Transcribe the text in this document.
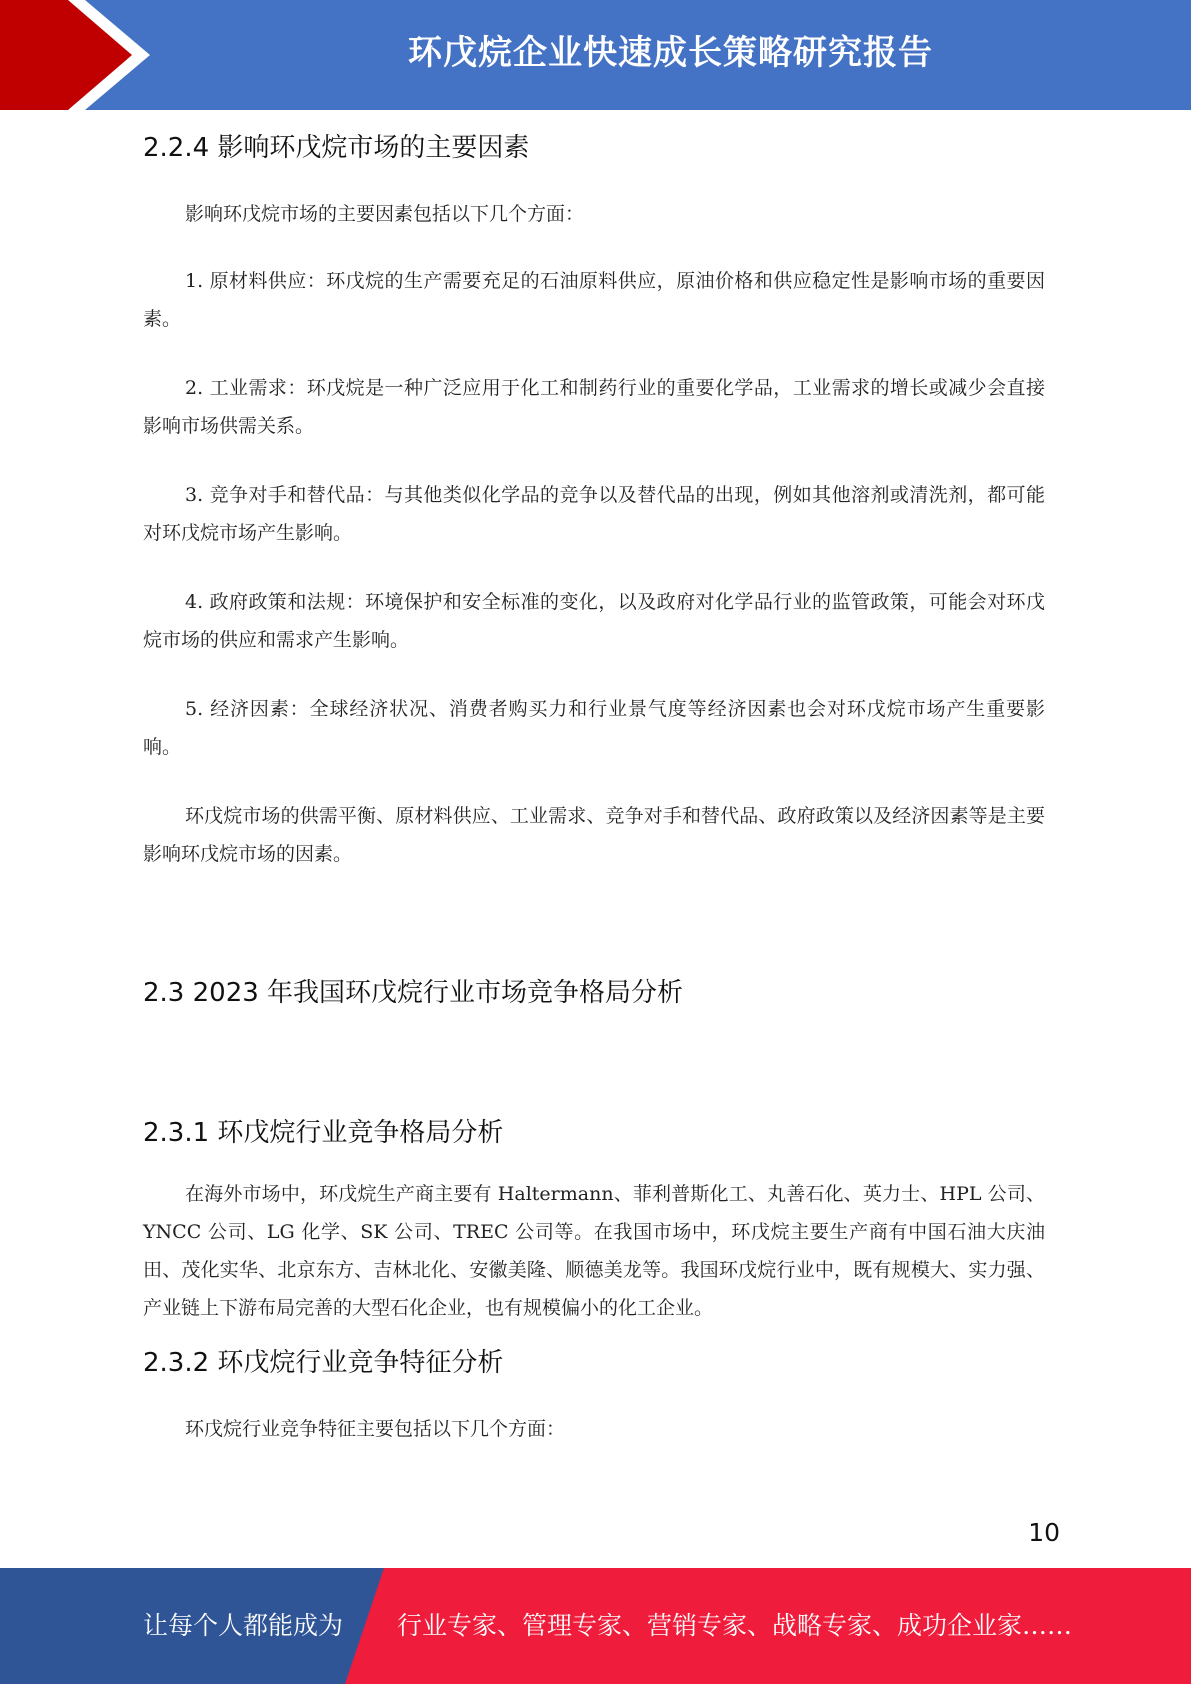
环戊烷企业快速成长策略研究报告
2.2.4 影响环戊烷市场的主要因素

影响环戊烷市场的主要因素包括以下几个方面：

1. 原材料供应：环戊烷的生产需要充足的石油原料供应，原油价格和供应稳定性是影响市场的重要因素。

2. 工业需求：环戊烷是一种广泛应用于化工和制药行业的重要化学品，工业需求的增长或减少会直接影响市场供需关系。

3. 竞争对手和替代品：与其他类似化学品的竞争以及替代品的出现，例如其他溶剂或清洗剂，都可能对环戊烷市场产生影响。

4. 政府政策和法规：环境保护和安全标准的变化，以及政府对化学品行业的监管政策，可能会对环戊烷市场的供应和需求产生影响。

5. 经济因素：全球经济状况、消费者购买力和行业景气度等经济因素也会对环戊烷市场产生重要影响。

环戊烷市场的供需平衡、原材料供应、工业需求、竞争对手和替代品、政府政策以及经济因素等是主要影响环戊烷市场的因素。

2.3 2023 年我国环戊烷行业市场竞争格局分析
2.3.1 环戊烷行业竞争格局分析

在海外市场中，环戊烷生产商主要有 Haltermann、菲利普斯化工、丸善石化、英力士、HPL 公司、YNCC 公司、LG 化学、SK 公司、TREC 公司等。在我国市场中，环戊烷主要生产商有中国石油大庆油田、茂化实华、北京东方、吉林北化、安徽美隆、顺德美龙等。我国环戊烷行业中，既有规模大、实力强、产业链上下游布局完善的大型石化企业，也有规模偏小的化工企业。

2.3.2 环戊烷行业竞争特征分析

环戊烷行业竞争特征主要包括以下几个方面：

10
让每个人都能成为 行业专家、管理专家、营销专家、战略专家、成功企业家……
